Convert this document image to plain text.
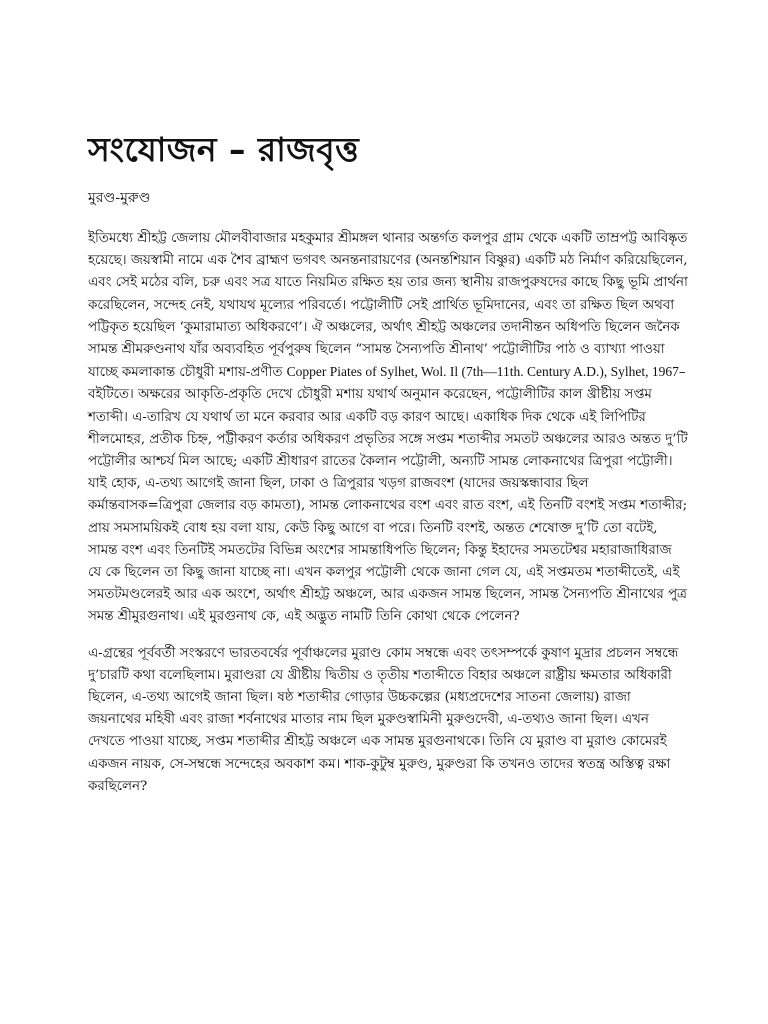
সংযোজন – রাজবৃত্ত
মুরণ্ড-মুরুণ্ড

ইতিমধ্যে শ্রীহট্ট জেলায় মৌলবীবাজার মহকুমার শ্রীমঙ্গল থানার অন্তর্গত কলপুর গ্রাম থেকে একটি তাম্রপট্ট আবিষ্কৃত হয়েছে। জয়স্বামী নামে এক শৈব ব্রাহ্মণ ভগবৎ অনন্তনারায়ণের (অনন্তশিয়ান বিষ্ণুর) একটি মঠ নির্মাণ করিয়েছিলেন, এবং সেই মঠের বলি, চরু এবং সত্র যাতে নিয়মিত রক্ষিত হয় তার জন্য স্থানীয় রাজপুরুষদের কাছে কিছু ভূমি প্রার্থনা করেছিলেন, সন্দেহ নেই, যথাযথ মূল্যের পরিবর্তে। পট্টোলীটি সেই প্রার্থিত ভূমিদানের, এবং তা রক্ষিত ছিল অথবা পট্টিকৃত হয়েছিল ‘কুমারামাত্য অধিকরণে’। ঐ অঞ্চলের, অর্থাৎ শ্রীহট্ট অঞ্চলের তদানীন্তন অধিপতি ছিলেন জনৈক সামন্ত শ্রীমরুণ্ডনাথ যাঁর অব্যবহিত পূর্বপুরুষ ছিলেন “সামন্ত সৈন্যপতি শ্রীনাথ’ পট্টোলীটির পাঠ ও ব্যাখ্যা পাওয়া যাচ্ছে কমলাকান্ত চৌধুরী মশায়-প্রণীত Copper Piates of Sylhet, Wol. Il (7th—11th. Century A.D.), Sylhet, 1967–বইটিতে। অক্ষরের আকৃতি-প্রকৃতি দেখে চৌধুরী মশায় যথার্থ অনুমান করেছেন, পট্টোলীটির কাল খ্রীষ্টীয় সপ্তম শতাব্দী। এ-তারিখ যে যথার্থ তা মনে করবার আর একটি বড় কারণ আছে। একাধিক দিক থেকে এই লিপিটির শীলমোহর, প্রতীক চিহ্ন, পট্টীকরণ কর্তার অধিকরণ প্রভৃতির সঙ্গে সপ্তম শতাব্দীর সমতট অঞ্চলের আরও অন্তত দু’টি পট্টোলীর আশ্চর্য মিল আছে; একটি শ্রীধারণ রাতের কৈলান পট্টোলী, অন্যটি সামন্ত লোকনাথের ত্রিপুরা পট্টোলী। যাই হোক, এ-তথ্য আগেই জানা ছিল, ঢাকা ও ত্রিপুরার খড়গ রাজবংশ (যাদের জয়স্কন্ধাবার ছিল কর্মান্তবাসক=ত্রিপুরা জেলার বড় কামতা), সামন্ত লোকনাথের বংশ এবং রাত বংশ, এই তিনটি বংশই সপ্তম শতাব্দীর; প্রায় সমসাময়িকই বোধ হয় বলা যায়, কেউ কিছু আগে বা পরে। তিনটি বংশই, অন্তত শেষোক্ত দু’টি তো বটেই, সামন্ত বংশ এবং তিনটিই সমতটের বিভিন্ন অংশের সামন্তাধিপতি ছিলেন; কিন্তু ইহাদের সমতটেশ্বর মহারাজাধিরাজ যে কে ছিলেন তা কিছু জানা যাচ্ছে না। এখন কলপুর পট্টোলী থেকে জানা গেল যে, এই সপ্তমতম শতাব্দীতেই, এই সমতটমণ্ডলেরই আর এক অংশে, অর্থাৎ শ্রীহট্ট অঞ্চলে, আর একজন সামন্ত ছিলেন, সামন্ত সৈন্যপতি শ্রীনাথের পুত্র সমন্ত শ্রীমুরগুনাথ। এই মুরগুনাথ কে, এই অদ্ভুত নামটি তিনি কোথা থেকে পেলেন?

এ-গ্রন্থের পূর্ববর্তী সংস্করণে ভারতবর্ষের পূর্বাঞ্চলের মুরাণ্ড কোম সম্বন্ধে এবং তৎসম্পর্কে কুষাণ মুদ্রার প্রচলন সম্বন্ধে দু’চারটি কথা বলেছিলাম। মুরাণ্ডরা যে খ্রীষ্টীয় দ্বিতীয় ও তৃতীয় শতাব্দীতে বিহার অঞ্চলে রাষ্ট্রীয় ক্ষমতার অধিকারী ছিলেন, এ-তথ্য আগেই জানা ছিল। ষষ্ঠ শতাব্দীর গোড়ার উচ্চকল্পের (মধ্যপ্রদেশের সাতনা জেলায়) রাজা জয়নাথের মহিষী এবং রাজা শর্বনাথের মাতার নাম ছিল মুরুণ্ডস্বামিনী মুরুণ্ডদেবী, এ-তথ্যও জানা ছিল। এখন দেখতে পাওয়া যাচ্ছে, সপ্তম শতাব্দীর শ্রীহট্ট অঞ্চলে এক সামন্ত মুরগুনাথকে। তিনি যে মুরাণ্ড বা মুরাণ্ড কোমেরই একজন নায়ক, সে-সম্বন্ধে সন্দেহের অবকাশ কম। শাক-কুটুম্ব মুরুণ্ড, মুরুণ্ডরা কি তখনও তাদের স্বতন্ত্র অস্তিত্ব রক্ষা করছিলেন?
